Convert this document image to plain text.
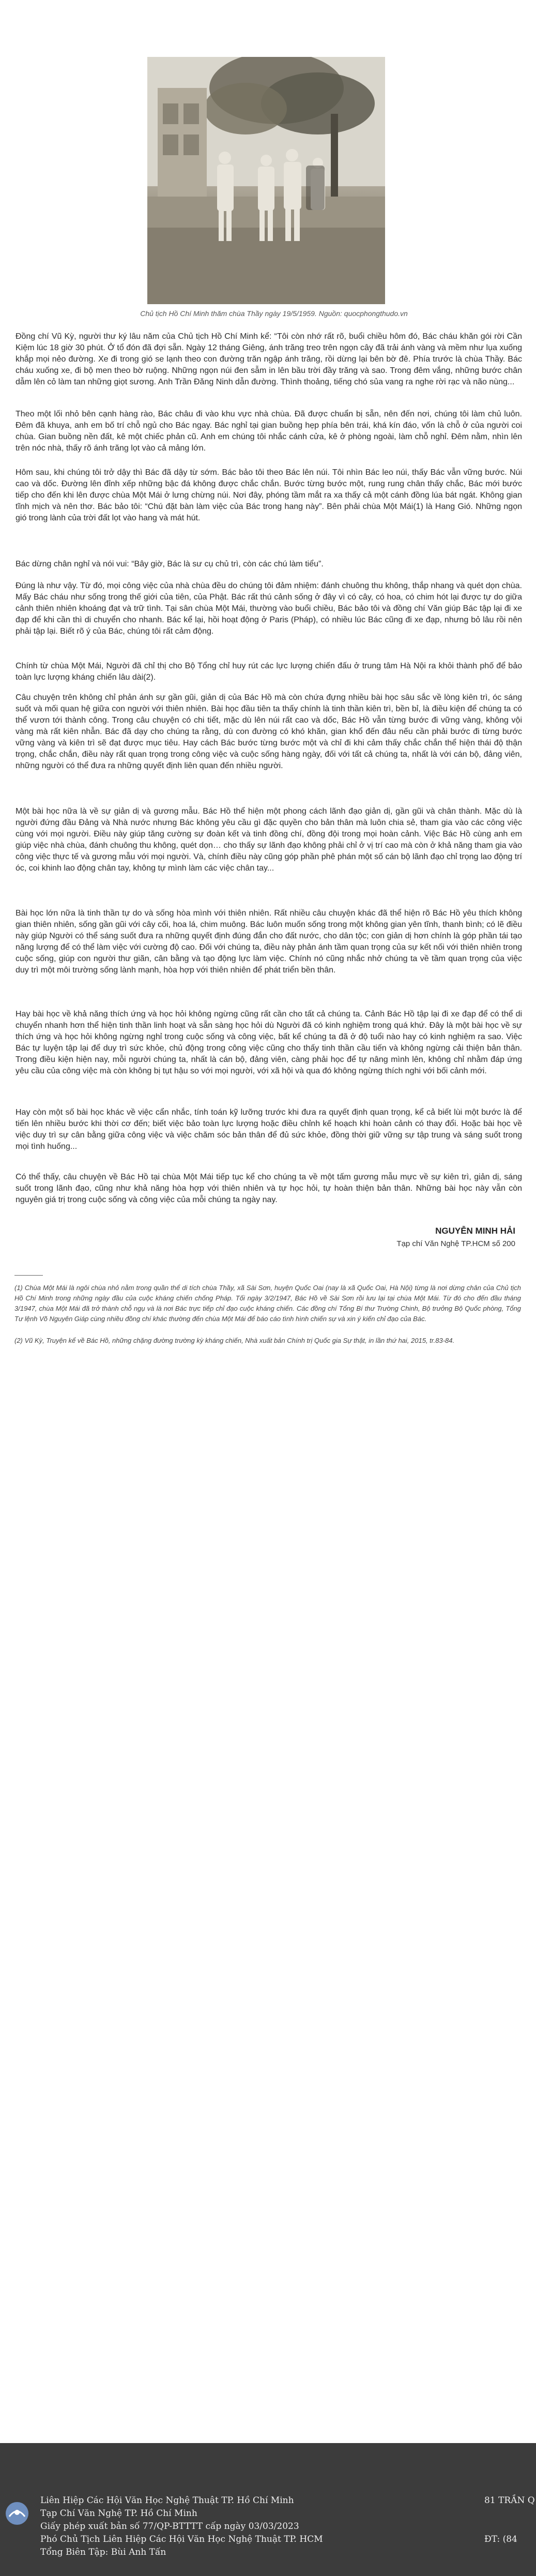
Chủ tịch Hồ Chí Minh thăm chùa Thầy ngày 19/5/1959. Nguồn: quocphongthudo.vn

Đồng chí Vũ Kỳ, người thư ký lâu năm của Chủ tịch Hồ Chí Minh kể: “Tôi còn nhớ rất rõ, buổi chiều hôm đó, Bác cháu khăn gói rời Cần Kiệm lúc 18 giờ 30 phút. Ở tổ đón đã đợi sẵn. Ngày 12 tháng Giêng, ánh trăng treo trên ngọn cây đã trải ánh vàng và mềm như lụa xuống khắp mọi nẻo đường. Xe đi trong gió se lạnh theo con đường trăn ngập ánh trăng, rồi dừng lại bên bờ đê. Phía trước là chùa Thầy. Bác cháu xuống xe, đi bộ men theo bờ ruộng. Những ngọn núi đen sẫm in lên bầu trời đầy trăng và sao. Trong đêm vắng, những bước chân dẫm lên cỏ làm tan những giọt sương. Anh Trần Đăng Ninh dẫn đường. Thình thoảng, tiếng chó sủa vang ra nghe rời rạc và não nùng...

Theo một lối nhỏ bên cạnh hàng rào, Bác châu đi vào khu vực nhà chùa. Đã được chuẩn bị sẵn, nên đến nơi, chúng tôi làm chủ luôn. Đêm đã khuya, anh em bố trí chỗ ngủ cho Bác ngay. Bác nghỉ tại gian buồng hẹp phía bên trái, khá kín đáo, vốn là chỗ ở của người coi chùa. Gian buồng nền đất, kê một chiếc phản cũ. Anh em chúng tôi nhắc cánh cửa, kê ở phòng ngoài, làm chỗ nghỉ. Đêm nằm, nhìn lên trên nóc nhà, thấy rõ ánh trăng lọt vào cả mảng lớn.

Hôm sau, khi chúng tôi trở dậy thì Bác đã dậy từ sớm. Bác bảo tôi theo Bác lên núi. Tôi nhìn Bác leo núi, thấy Bác vẫn vững bước. Núi cao và dốc. Đường lên đỉnh xếp những bậc đá không được chắc chắn. Bước từng bước một, rung rung chân thấy chắc, Bác mới bước tiếp cho đến khi lên được chùa Một Mái ở lưng chừng núi. Nơi đây, phóng tầm mắt ra xa thấy cả một cánh đồng lúa bát ngát. Không gian tĩnh mịch và nên thơ. Bác bảo tôi: “Chú đặt bàn làm việc của Bác trong hang này”. Bên phải chùa Một Mái(1) là Hang Gió. Những ngọn gió trong lành của trời đất lọt vào hang và mát hút.

Bác dừng chân nghỉ và nói vui: “Bây giờ, Bác là sư cụ chủ trì, còn các chú làm tiểu”.

Đúng là như vậy. Từ đó, mọi công việc của nhà chùa đều do chúng tôi đảm nhiệm: đánh chuông thu không, thắp nhang và quét dọn chùa. Mấy Bác cháu như sống trong thế giới của tiên, của Phật. Bác rất thú cảnh sống ở đây vì có cây, có hoa, có chim hót lại được tự do giữa cảnh thiên nhiên khoáng đạt và trữ tình. Tại sân chùa Một Mái, thường vào buổi chiều, Bác bảo tôi và đồng chí Văn giúp Bác tập lại đi xe đạp để khi cần thì di chuyển cho nhanh. Bác kể lại, hồi hoạt động ở Paris (Pháp), có nhiều lúc Bác cũng đi xe đạp, nhưng bỏ lâu rồi nên phải tập lại. Biết rõ ý của Bác, chúng tôi rất cảm động.

Chính từ chùa Một Mái, Người đã chỉ thị cho Bộ Tổng chỉ huy rút các lực lượng chiến đấu ở trung tâm Hà Nội ra khỏi thành phố để bảo toàn lực lượng kháng chiến lâu dài(2).

Câu chuyện trên không chỉ phản ánh sự gần gũi, giản dị của Bác Hồ mà còn chứa đựng nhiều bài học sâu sắc về lòng kiên trì, óc sáng suốt và mối quan hệ giữa con người với thiên nhiên. Bài học đầu tiên ta thấy chính là tinh thần kiên trì, bền bỉ, là điều kiện để chúng ta có thể vươn tới thành công. Trong câu chuyện có chi tiết, mặc dù lên núi rất cao và dốc, Bác Hồ vẫn từng bước đi vững vàng, không vội vàng mà rất kiên nhẫn. Bác đã dạy cho chúng ta rằng, dù con đường có khó khăn, gian khổ đến đâu nếu cần phải bước đi từng bước vững vàng và kiên trì sẽ đạt được mục tiêu. Hay cách Bác bước từng bước một và chỉ đi khi cảm thấy chắc chắn thể hiện thái độ thận trọng, chắc chắn, điều này rất quan trọng trong công việc và cuộc sống hàng ngày, đối với tất cả chúng ta, nhất là với cán bộ, đảng viên, những người có thể đưa ra những quyết định liên quan đến nhiều người.

Một bài học nữa là về sự giản dị và gương mẫu. Bác Hồ thể hiện một phong cách lãnh đạo giản dị, gần gũi và chân thành. Mặc dù là người đứng đầu Đảng và Nhà nước nhưng Bác không yêu cầu gì đặc quyền cho bản thân mà luôn chia sẻ, tham gia vào các công việc cùng với mọi người. Điều này giúp tăng cường sự đoàn kết và tinh đồng chí, đồng đội trong mọi hoàn cảnh. Việc Bác Hồ cùng anh em giúp việc nhà chùa, đánh chuông thu không, quét dọn… cho thấy sự lãnh đạo không phải chỉ ở vị trí cao mà còn ở khả năng tham gia vào công việc thực tế và gương mẫu với mọi người. Và, chính điều này cũng góp phần phê phán một số cán bộ lãnh đạo chỉ trọng lao động trí óc, coi khinh lao động chân tay, không tự mình làm các việc chân tay...

Bài học lớn nữa là tinh thần tự do và sống hòa mình với thiên nhiên. Rất nhiều câu chuyện khác đã thể hiện rõ Bác Hồ yêu thích không gian thiên nhiên, sống gần gũi với cây cối, hoa lá, chim muông. Bác luôn muốn sống trong một không gian yên tĩnh, thanh bình; có lẽ điều này giúp Người có thể sáng suốt đưa ra những quyết định đúng đắn cho đất nước, cho dân tộc; con giản dị hơn chính là góp phần tái tạo năng lượng để có thể làm việc với cường độ cao. Đối với chúng ta, điều này phản ánh tầm quan trọng của sự kết nối với thiên nhiên trong cuộc sống, giúp con người thư giãn, cân bằng và tạo động lực làm việc. Chính nó cũng nhắc nhở chúng ta về tầm quan trọng của việc duy trì một môi trường sống lành mạnh, hòa hợp với thiên nhiên để phát triển bền thân.

Hay bài học về khả năng thích ứng và học hỏi không ngừng cũng rất cần cho tất cả chúng ta. Cảnh Bác Hồ tập lại đi xe đạp để có thể di chuyển nhanh hơn thể hiện tinh thần linh hoạt và sẵn sàng học hỏi dù Người đã có kinh nghiệm trong quá khứ. Đây là một bài học về sự thích ứng và học hỏi không ngừng nghỉ trong cuộc sống và công việc, bất kể chúng ta đã ở độ tuổi nào hay có kinh nghiệm ra sao. Việc Bác tự luyện tập lại để duy trì sức khỏe, chủ động trong công việc cũng cho thấy tinh thần cầu tiến và không ngừng cải thiện bản thân. Trong điều kiện hiện nay, mỗi người chúng ta, nhất là cán bộ, đảng viên, càng phải học để tự nâng mình lên, không chỉ nhằm đáp ứng yêu cầu của công việc mà còn không bị tụt hậu so với mọi người, với xã hội và qua đó không ngừng thích nghi với bối cảnh mới.

Hay còn một số bài học khác về việc cẩn nhắc, tính toán kỹ lưỡng trước khi đưa ra quyết định quan trọng, kể cả biết lùi một bước là để tiến lên nhiều bước khi thời cơ đến; biết việc bảo toàn lực lượng hoặc điều chỉnh kế hoạch khi hoàn cảnh có thay đổi. Hoặc bài học về việc duy trì sự cân bằng giữa công việc và việc chăm sóc bản thân để đủ sức khỏe, đồng thời giữ vững sự tập trung và sáng suốt trong mọi tình huống...

Có thể thấy, câu chuyện về Bác Hồ tại chùa Một Mái tiếp tục kể cho chúng ta về một tấm gương mẫu mực về sự kiên trì, giản dị, sáng suốt trong lãnh đạo, cũng như khả năng hòa hợp với thiên nhiên và tự học hỏi, tự hoàn thiện bản thân. Những bài học này vẫn còn nguyên giá trị trong cuộc sống và công việc của mỗi chúng ta ngày nay.

NGUYỄN MINH HẢI
Tạp chí Văn Nghệ TP.HCM số 200

(1) Chùa Một Mái là ngôi chùa nhỏ nằm trong quần thể di tích chùa Thầy, xã Sài Sơn, huyện Quốc Oai (nay là xã Quốc Oai, Hà Nội) từng là nơi dừng chân của Chủ tịch Hồ Chí Minh trong những ngày đầu của cuộc kháng chiến chống Pháp. Tối ngày 3/2/1947, Bác Hồ về Sài Sơn rồi lưu lại tại chùa Một Mái. Từ đó cho đến đầu tháng 3/1947, chùa Một Mái đã trở thành chỗ ngụ và là nơi Bác trực tiếp chỉ đạo cuộc kháng chiến. Các đồng chí Tổng Bí thư Trường Chinh, Bộ trưởng Bộ Quốc phòng, Tổng Tư lệnh Võ Nguyên Giáp cùng nhiều đồng chí khác thường đến chùa Một Mái để báo cáo tình hình chiến sự và xin ý kiến chỉ đạo của Bác.

(2) Vũ Kỳ, Truyện kể về Bác Hồ, những chặng đường trường kỳ kháng chiến, Nhà xuất bản Chính trị Quốc gia Sự thật, in lần thứ hai, 2015, tr.83-84.

Liên Hiệp Các Hội Văn Học Nghệ Thuật TP. Hồ Chí Minh
Tạp Chí Văn Nghệ TP. Hồ Chí Minh
Giấy phép xuất bản số 77/QP-BTTTT cấp ngày 03/03/2023
Phó Chủ Tịch Liên Hiệp Các Hội Văn Học Nghệ Thuật TP. HCM
Tổng Biên Tập: Bùi Anh Tấn
81 TRẦN Q
ĐT: (84
